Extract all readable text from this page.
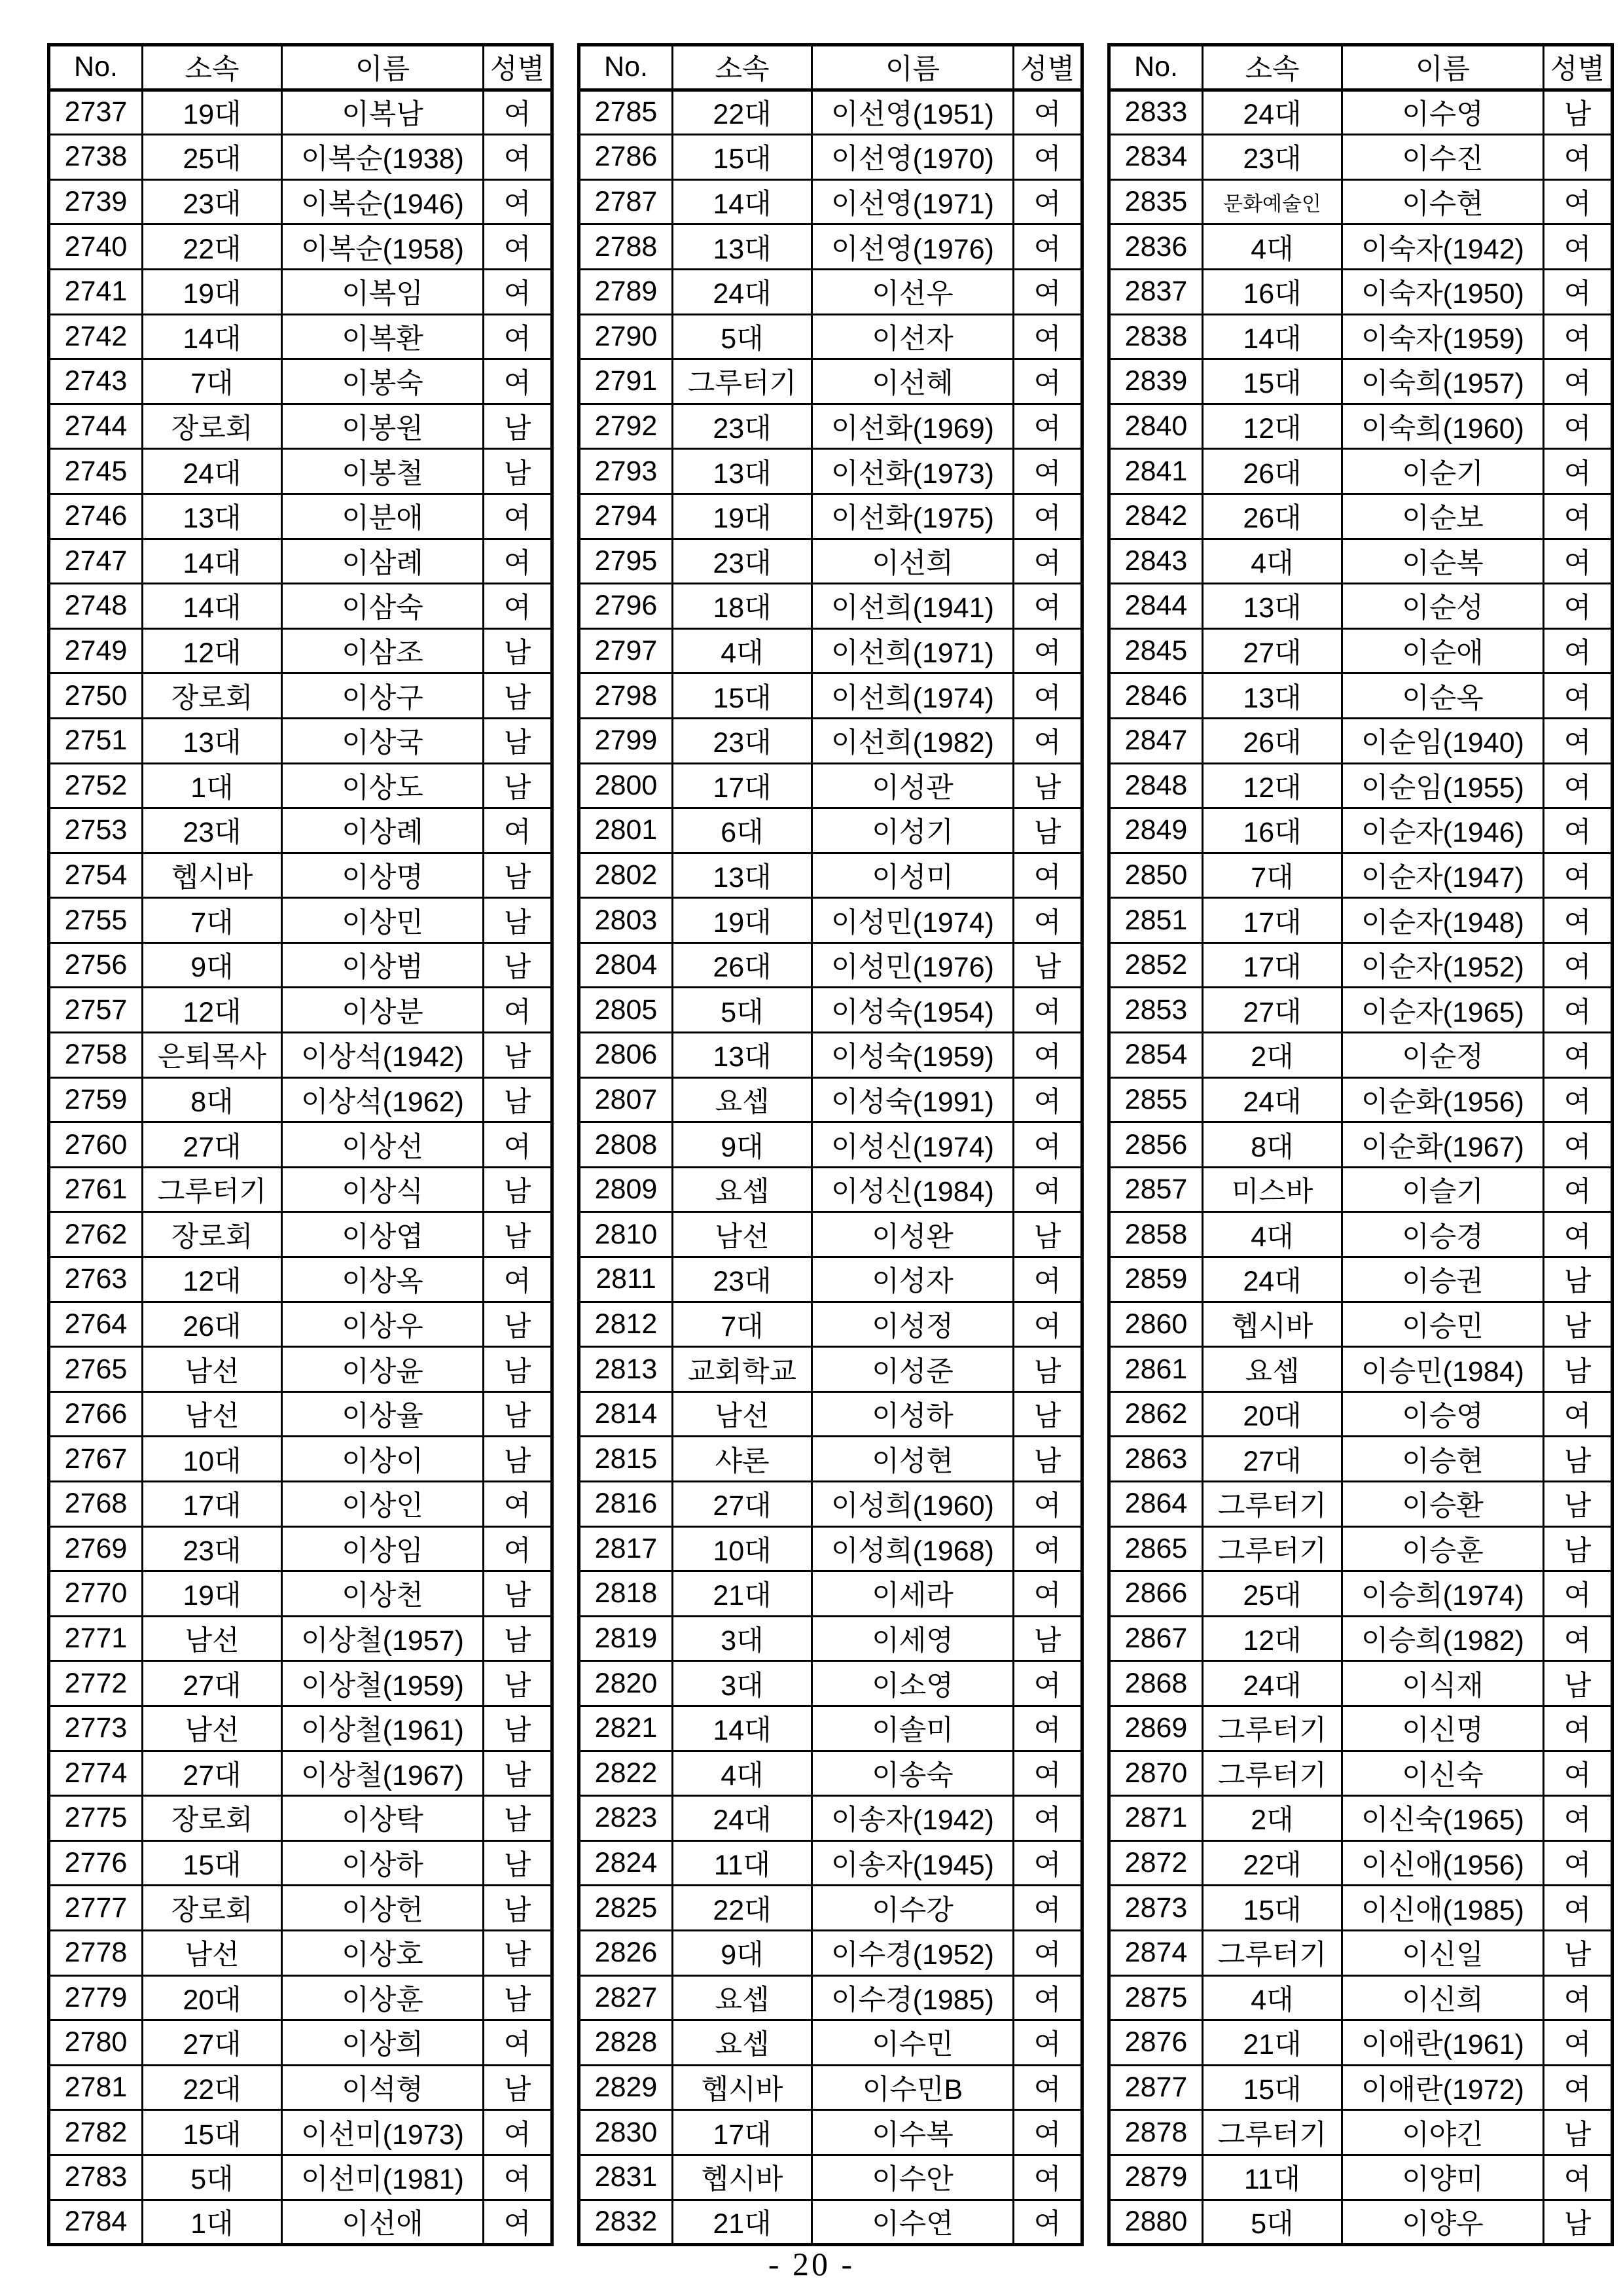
No.	소속	이름	성별
2737	19대	이복남	여
2738	25대	이복순(1938)	여
2739	23대	이복순(1946)	여
2740	22대	이복순(1958)	여
2741	19대	이복임	여
2742	14대	이복환	여
2743	7대	이봉숙	여
2744	장로회	이봉원	남
2745	24대	이봉철	남
2746	13대	이분애	여
2747	14대	이삼례	여
2748	14대	이삼숙	여
2749	12대	이삼조	남
2750	장로회	이상구	남
2751	13대	이상국	남
2752	1대	이상도	남
2753	23대	이상례	여
2754	헵시바	이상명	남
2755	7대	이상민	남
2756	9대	이상범	남
2757	12대	이상분	여
2758	은퇴목사	이상석(1942)	남
2759	8대	이상석(1962)	남
2760	27대	이상선	여
2761	그루터기	이상식	남
2762	장로회	이상엽	남
2763	12대	이상옥	여
2764	26대	이상우	남
2765	남선	이상윤	남
2766	남선	이상율	남
2767	10대	이상이	남
2768	17대	이상인	여
2769	23대	이상임	여
2770	19대	이상천	남
2771	남선	이상철(1957)	남
2772	27대	이상철(1959)	남
2773	남선	이상철(1961)	남
2774	27대	이상철(1967)	남
2775	장로회	이상탁	남
2776	15대	이상하	남
2777	장로회	이상헌	남
2778	남선	이상호	남
2779	20대	이상훈	남
2780	27대	이상희	여
2781	22대	이석형	남
2782	15대	이선미(1973)	여
2783	5대	이선미(1981)	여
2784	1대	이선애	여
No.	소속	이름	성별
2785	22대	이선영(1951)	여
2786	15대	이선영(1970)	여
2787	14대	이선영(1971)	여
2788	13대	이선영(1976)	여
2789	24대	이선우	여
2790	5대	이선자	여
2791	그루터기	이선혜	여
2792	23대	이선화(1969)	여
2793	13대	이선화(1973)	여
2794	19대	이선화(1975)	여
2795	23대	이선희	여
2796	18대	이선희(1941)	여
2797	4대	이선희(1971)	여
2798	15대	이선희(1974)	여
2799	23대	이선희(1982)	여
2800	17대	이성관	남
2801	6대	이성기	남
2802	13대	이성미	여
2803	19대	이성민(1974)	여
2804	26대	이성민(1976)	남
2805	5대	이성숙(1954)	여
2806	13대	이성숙(1959)	여
2807	요셉	이성숙(1991)	여
2808	9대	이성신(1974)	여
2809	요셉	이성신(1984)	여
2810	남선	이성완	남
2811	23대	이성자	여
2812	7대	이성정	여
2813	교회학교	이성준	남
2814	남선	이성하	남
2815	샤론	이성현	남
2816	27대	이성희(1960)	여
2817	10대	이성희(1968)	여
2818	21대	이세라	여
2819	3대	이세영	남
2820	3대	이소영	여
2821	14대	이솔미	여
2822	4대	이송숙	여
2823	24대	이송자(1942)	여
2824	11대	이송자(1945)	여
2825	22대	이수강	여
2826	9대	이수경(1952)	여
2827	요셉	이수경(1985)	여
2828	요셉	이수민	여
2829	헵시바	이수민B	여
2830	17대	이수복	여
2831	헵시바	이수안	여
2832	21대	이수연	여
No.	소속	이름	성별
2833	24대	이수영	남
2834	23대	이수진	여
2835	문화예술인	이수현	여
2836	4대	이숙자(1942)	여
2837	16대	이숙자(1950)	여
2838	14대	이숙자(1959)	여
2839	15대	이숙희(1957)	여
2840	12대	이숙희(1960)	여
2841	26대	이순기	여
2842	26대	이순보	여
2843	4대	이순복	여
2844	13대	이순성	여
2845	27대	이순애	여
2846	13대	이순옥	여
2847	26대	이순임(1940)	여
2848	12대	이순임(1955)	여
2849	16대	이순자(1946)	여
2850	7대	이순자(1947)	여
2851	17대	이순자(1948)	여
2852	17대	이순자(1952)	여
2853	27대	이순자(1965)	여
2854	2대	이순정	여
2855	24대	이순화(1956)	여
2856	8대	이순화(1967)	여
2857	미스바	이슬기	여
2858	4대	이승경	여
2859	24대	이승권	남
2860	헵시바	이승민	남
2861	요셉	이승민(1984)	남
2862	20대	이승영	여
2863	27대	이승현	남
2864	그루터기	이승환	남
2865	그루터기	이승훈	남
2866	25대	이승희(1974)	여
2867	12대	이승희(1982)	여
2868	24대	이식재	남
2869	그루터기	이신명	여
2870	그루터기	이신숙	여
2871	2대	이신숙(1965)	여
2872	22대	이신애(1956)	여
2873	15대	이신애(1985)	여
2874	그루터기	이신일	남
2875	4대	이신희	여
2876	21대	이애란(1961)	여
2877	15대	이애란(1972)	여
2878	그루터기	이야긴	남
2879	11대	이양미	여
2880	5대	이양우	남
- 20 -
